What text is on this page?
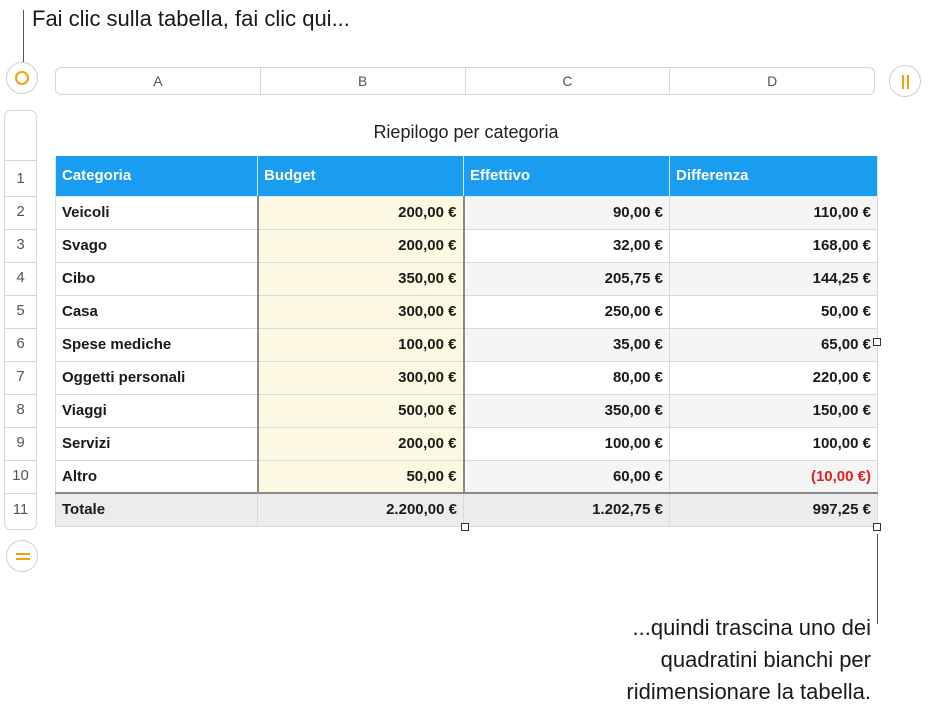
Fai clic sulla tabella, fai clic qui...
A	B	C	D
1
2
3
4
5
6
7
8
9
10
11
Riepilogo per categoria
Categoria	Budget	Effettivo	Differenza
Veicoli	200,00 €	90,00 €	110,00 €
Svago	200,00 €	32,00 €	168,00 €
Cibo	350,00 €	205,75 €	144,25 €
Casa	300,00 €	250,00 €	50,00 €
Spese mediche	100,00 €	35,00 €	65,00 €
Oggetti personali	300,00 €	80,00 €	220,00 €
Viaggi	500,00 €	350,00 €	150,00 €
Servizi	200,00 €	100,00 €	100,00 €
Altro	50,00 €	60,00 €	(10,00 €)
Totale	2.200,00 €	1.202,75 €	997,25 €
...quindi trascina uno dei
quadratini bianchi per
ridimensionare la tabella.
